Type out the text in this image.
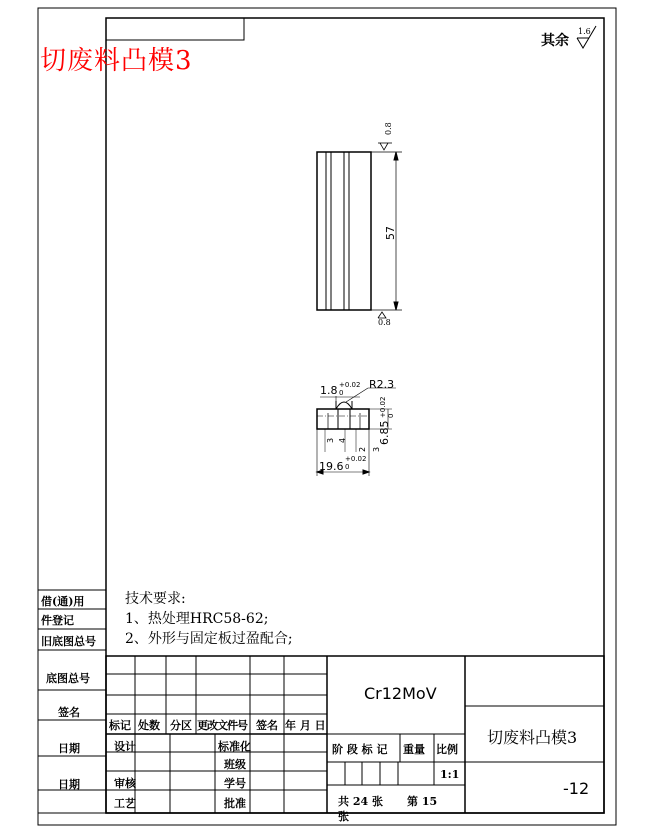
切废料凸模3
其余
1.6
0.8
57
0.8
1.8 +0.02
0
R2.3
6.85
+0.02 0
19.6
+0.02
0
3
3
2
4
技术要求:
1、热处理HRC58-62;
2、外形与固定板过盈配合;
借(通)用
件登记
旧底图总号
底图总号
签名
日期
日期
Cr12MoV
切废料凸模3
-12
标记 处数 分区 更改文件号 签名 年 月 日
设计
审核
工艺
标准化
班级
学号
批准
阶 段 标 记 重量 比例
1:1
共 24 张 第 15
张
